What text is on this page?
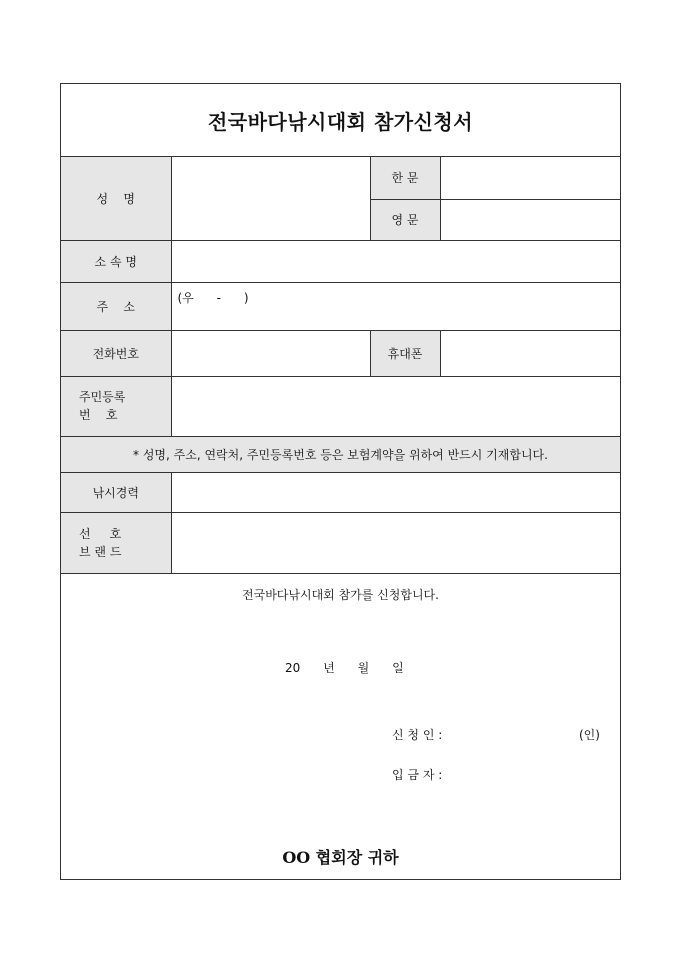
전국바다낚시대회 참가신청서
성    명		한 문	
		영 문	
소 속 명			
주    소	(우      -      )		
전화번호		휴대폰	

주민등록
번    호			

* 성명, 주소, 연락처, 주민등록번호 등은 보험계약을 위하여 반드시 기재합니다.			
낚시경력			

선     호
브 랜 드			

전국바다낚시대회 참가를 신청합니다.
20      년      월      일
신 청 인 :	(인)
입 금 자 :
OO 협회장 귀하
